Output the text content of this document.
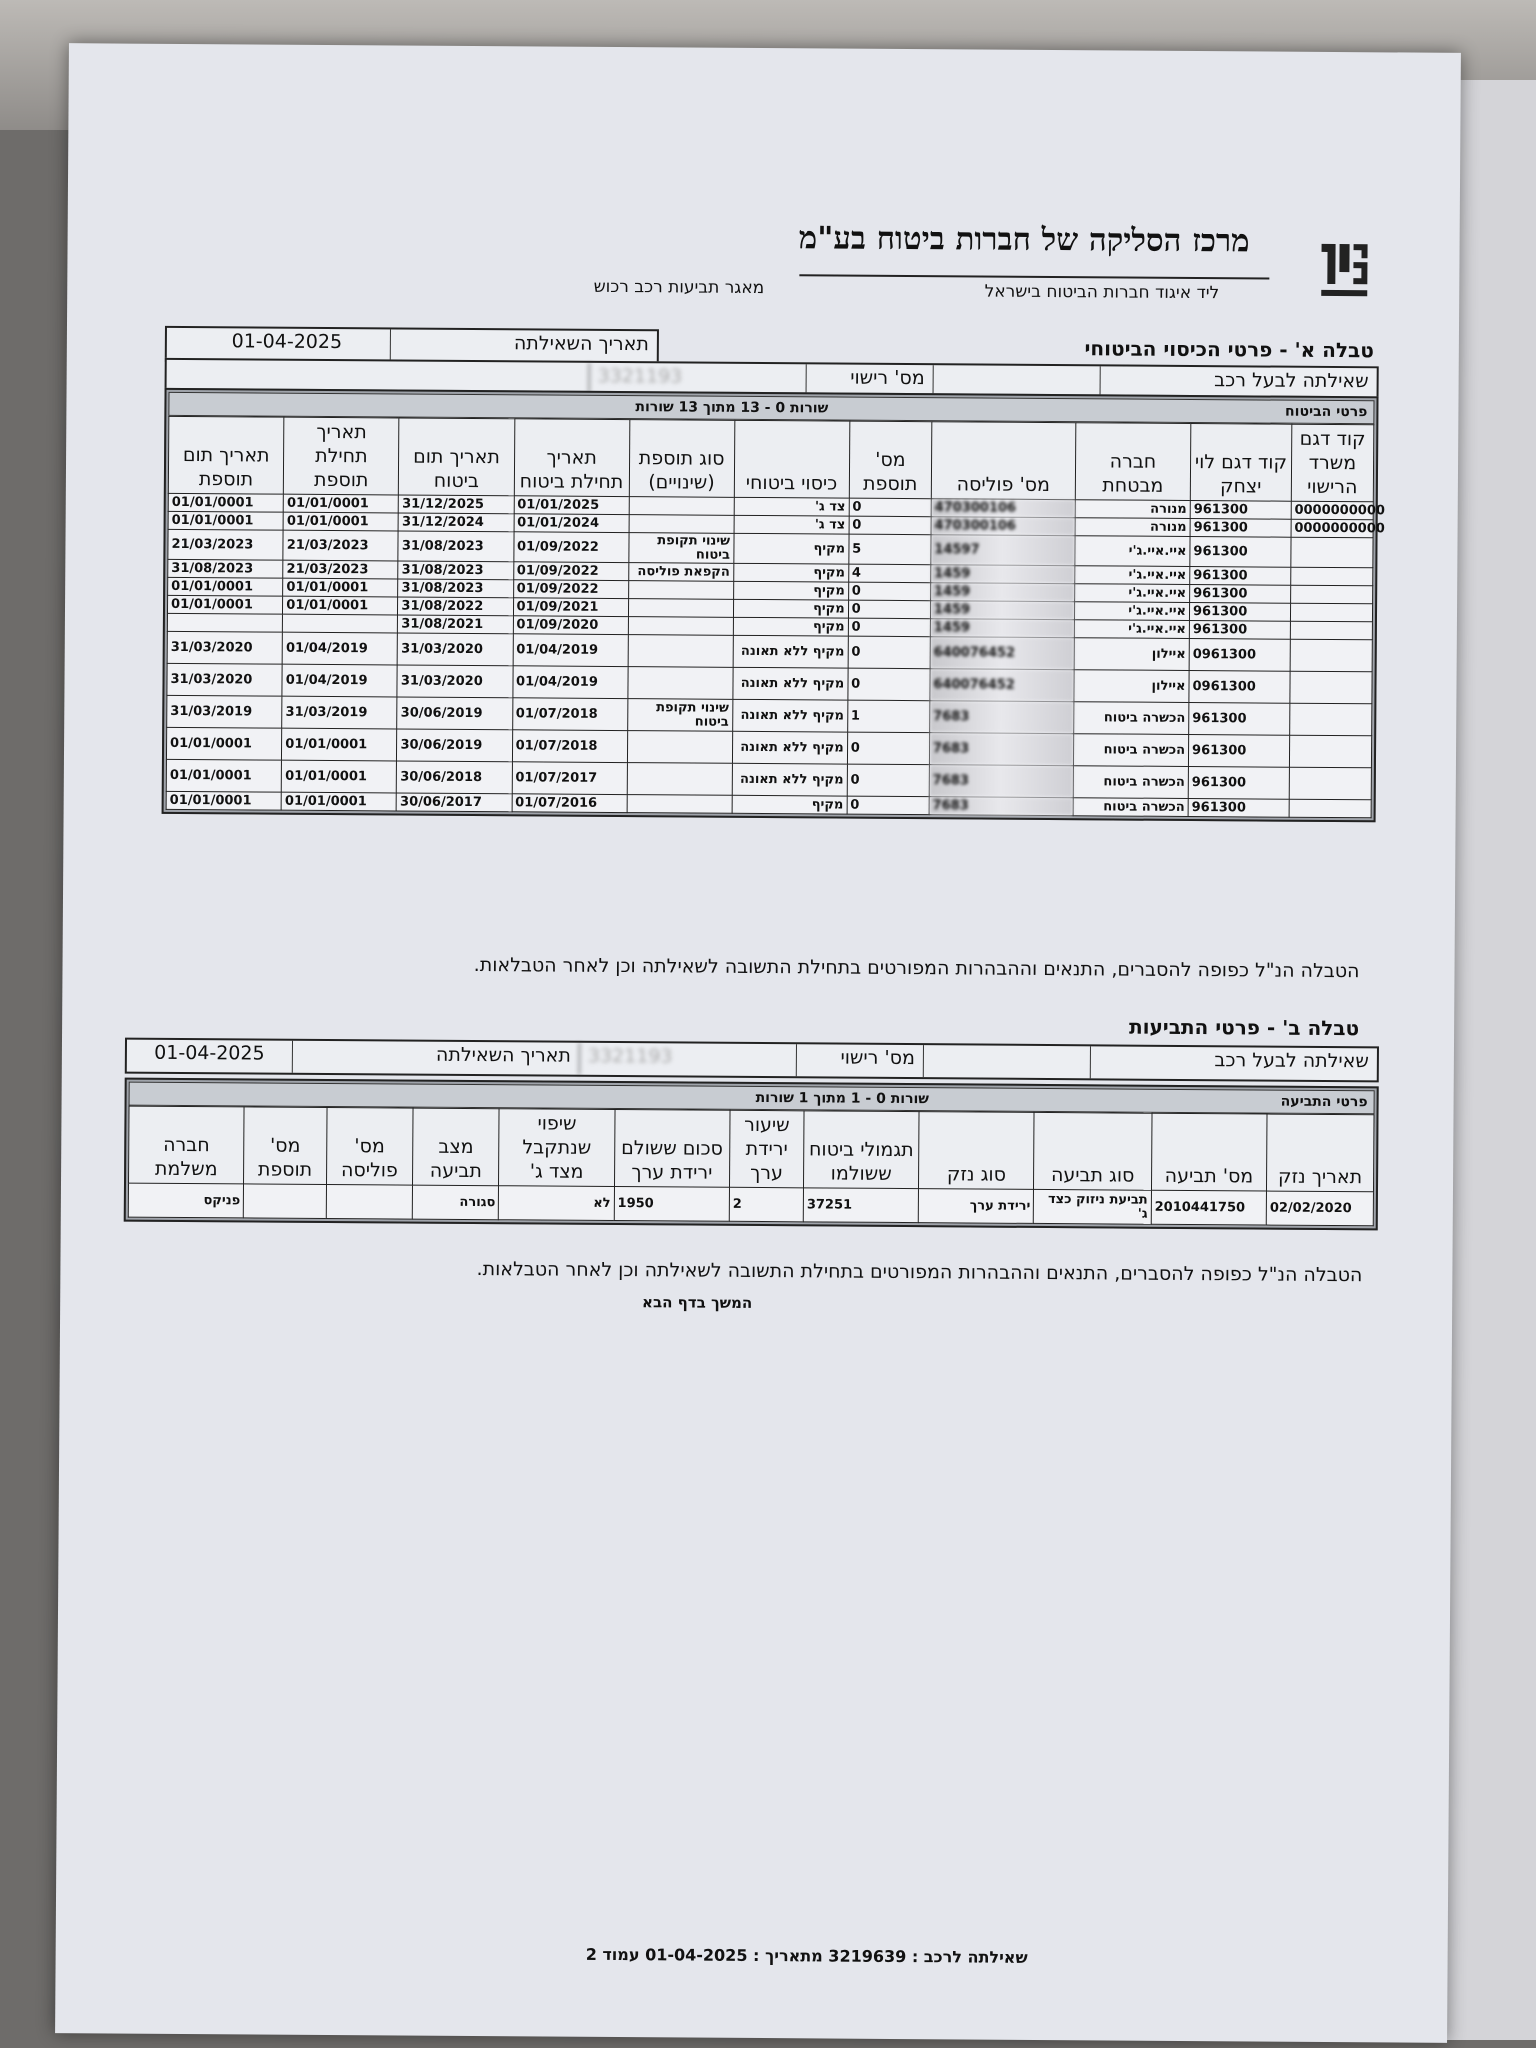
מרכז הסליקה של חברות ביטוח בע"מ
ליד איגוד חברות הביטוח בישראל
מאגר תביעות רכב רכוש
טבלה א' - פרטי הכיסוי הביטוחי
תאריך השאילתה
01-04-2025
שאילתה לבעל רכב
מס' רישוי
3321193
פרטי הביטוח
שורות 0 - 13 מתוך 13 שורות
קוד דגם משרד הרישוי	קוד דגם לוי יצחק	חברה מבטחת	מס' פוליסה	מס' תוספת	כיסוי ביטוחי	סוג תוספת (שינויים)	תאריך תחילת ביטוח	תאריך תום ביטוח	תאריך תחילת תוספת	תאריך תום תוספת
0000000000	961300	מנורה	470300106	0	צד ג'		01/01/2025	31/12/2025	01/01/0001	01/01/0001
0000000000	961300	מנורה	470300106	0	צד ג'		01/01/2024	31/12/2024	01/01/0001	01/01/0001
	961300	איי.איי.ג'י	14597	5	מקיף	שינוי תקופת ביטוח	01/09/2022	31/08/2023	21/03/2023	21/03/2023
	961300	איי.איי.ג'י	1459	4	מקיף	הקפאת פוליסה	01/09/2022	31/08/2023	21/03/2023	31/08/2023
	961300	איי.איי.ג'י	1459	0	מקיף		01/09/2022	31/08/2023	01/01/0001	01/01/0001
	961300	איי.איי.ג'י	1459	0	מקיף		01/09/2021	31/08/2022	01/01/0001	01/01/0001
	961300	איי.איי.ג'י	1459	0	מקיף		01/09/2020	31/08/2021		
	0961300	איילון	640076452	0	מקיף ללא תאונה		01/04/2019	31/03/2020	01/04/2019	31/03/2020
	0961300	איילון	640076452	0	מקיף ללא תאונה		01/04/2019	31/03/2020	01/04/2019	31/03/2020
	961300	הכשרה ביטוח	7683	1	מקיף ללא תאונה	שינוי תקופת ביטוח	01/07/2018	30/06/2019	31/03/2019	31/03/2019
	961300	הכשרה ביטוח	7683	0	מקיף ללא תאונה		01/07/2018	30/06/2019	01/01/0001	01/01/0001
	961300	הכשרה ביטוח	7683	0	מקיף ללא תאונה		01/07/2017	30/06/2018	01/01/0001	01/01/0001
	961300	הכשרה ביטוח	7683	0	מקיף		01/07/2016	30/06/2017	01/01/0001	01/01/0001
הטבלה הנ"ל כפופה להסברים, התנאים וההבהרות המפורטים בתחילת התשובה לשאילתה וכן לאחר הטבלאות.
טבלה ב' - פרטי התביעות
שאילתה לבעל רכב
מס' רישוי
3321193
תאריך השאילתה
01-04-2025
פרטי התביעה
שורות 0 - 1 מתוך 1 שורות
תאריך נזק	מס' תביעה	סוג תביעה	סוג נזק	תגמולי ביטוח ששולמו	שיעור ירידת ערך	סכום ששולם ירידת ערך	שיפוי שנתקבל מצד ג'	מצב תביעה	מס' פוליסה	מס' תוספת	חברה משלמת
02/02/2020	2010441750	תביעת ניזוק כצד ג'	ירידת ערך	37251	2	1950	לא	סגורה			פניקס
הטבלה הנ"ל כפופה להסברים, התנאים וההבהרות המפורטים בתחילת התשובה לשאילתה וכן לאחר הטבלאות.
המשך בדף הבא
שאילתה לרכב : 3219639 מתאריך : 01-04-2025 עמוד 2
